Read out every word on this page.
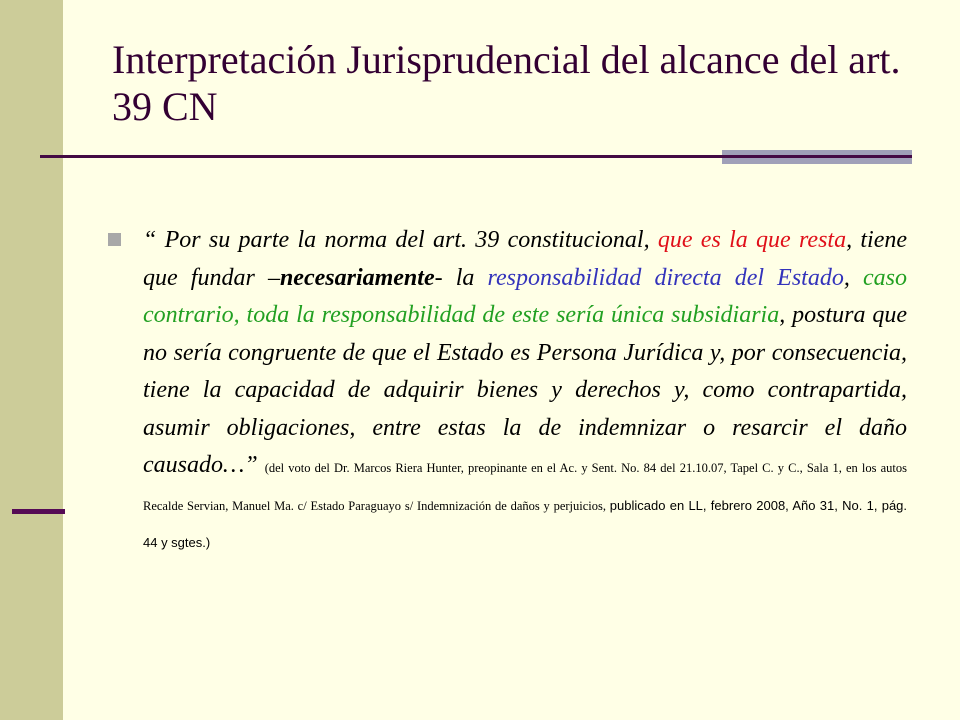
Interpretación Jurisprudencial del alcance del art. 39 CN
“ Por su parte la norma del art. 39 constitucional, que es la que resta, tiene que fundar –necesariamente- la responsabilidad directa del Estado, caso contrario, toda la responsabilidad de este sería única subsidiaria, postura que no sería congruente de que el Estado es Persona Jurídica y, por consecuencia, tiene la capacidad de adquirir bienes y derechos y, como contrapartida, asumir obligaciones, entre estas la de indemnizar o resarcir el daño causado…” (del voto del Dr. Marcos Riera Hunter, preopinante en el Ac. y Sent. No. 84 del 21.10.07, Tapel C. y C., Sala 1, en los autos Recalde Servian, Manuel Ma. c/ Estado Paraguayo s/ Indemnización de daños y perjuicios, publicado en LL, febrero 2008, Año 31, No. 1, pág. 44 y sgtes.)
